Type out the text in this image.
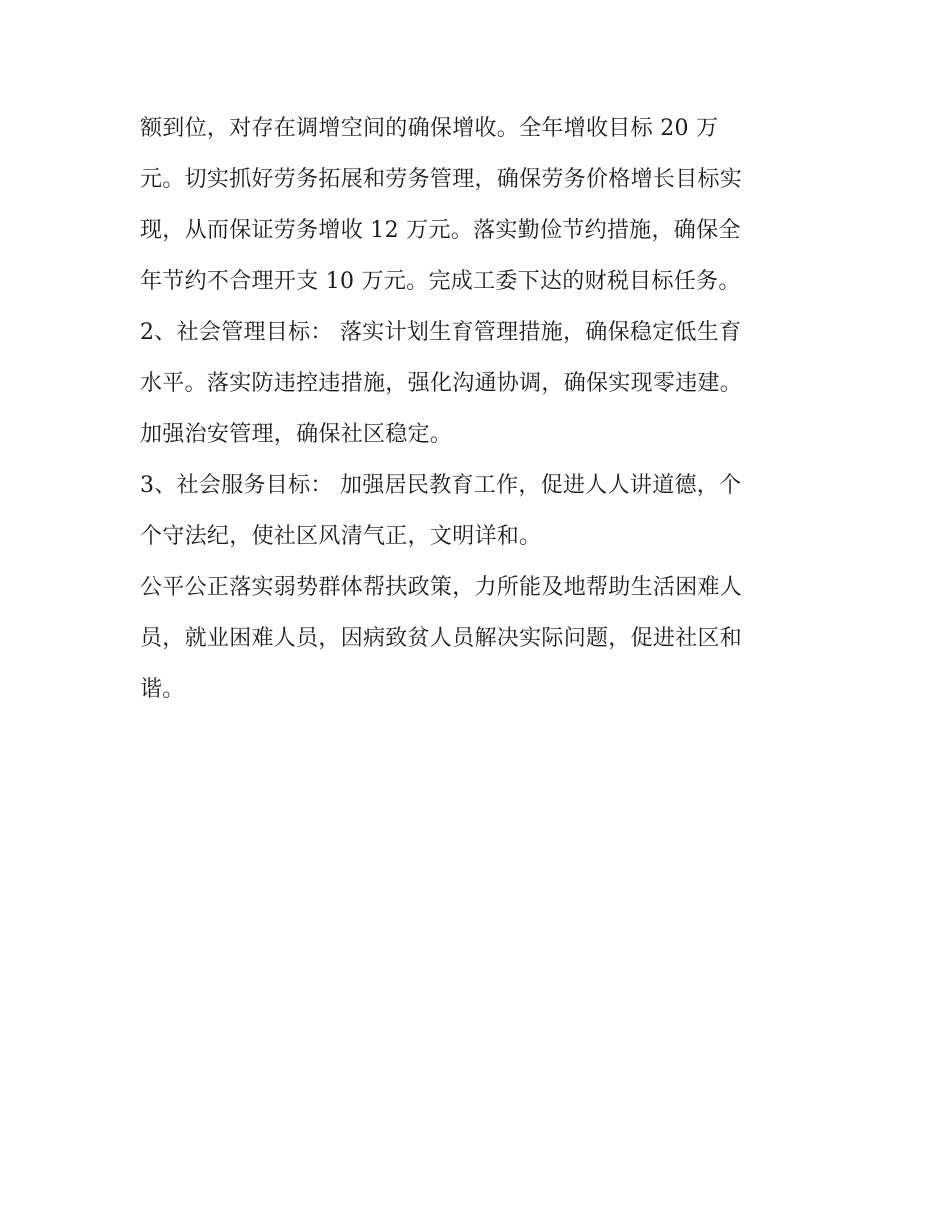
额到位，对存在调增空间的确保增收。全年增收目标 20 万
元。切实抓好劳务拓展和劳务管理，确保劳务价格增长目标实
现，从而保证劳务增收 12 万元。落实勤俭节约措施，确保全
年节约不合理开支 10 万元。完成工委下达的财税目标任务。
2、社会管理目标： 落实计划生育管理措施，确保稳定低生育
水平。落实防违控违措施，强化沟通协调，确保实现零违建。
加强治安管理，确保社区稳定。
3、社会服务目标： 加强居民教育工作，促进人人讲道德，个
个守法纪，使社区风清气正，文明详和。
公平公正落实弱势群体帮扶政策，力所能及地帮助生活困难人
员，就业困难人员，因病致贫人员解决实际问题，促进社区和
谐。
